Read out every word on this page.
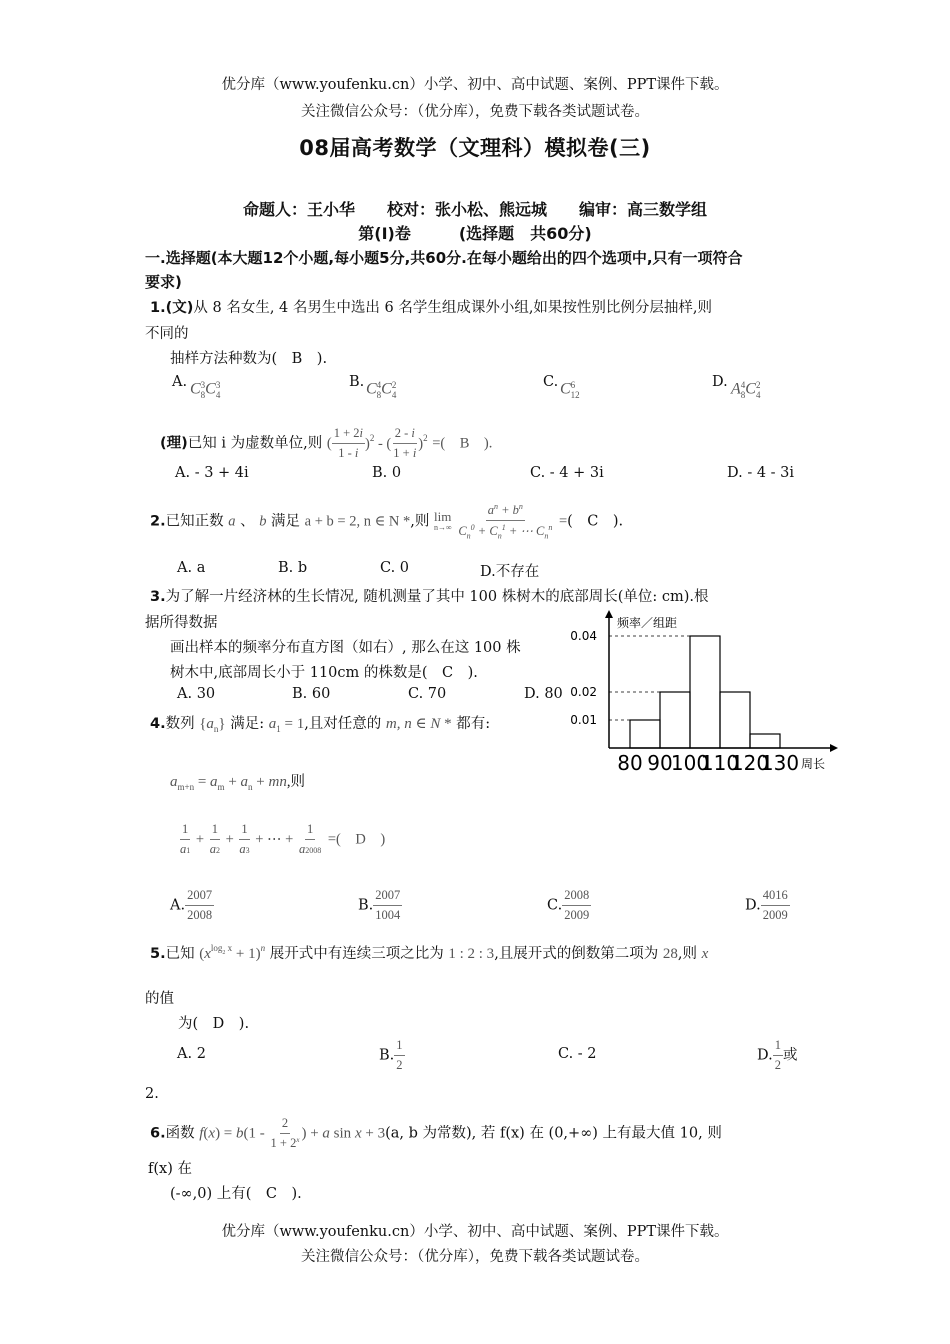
优分库（www.youfenku.cn）小学、初中、高中试题、案例、PPT课件下载。
关注微信公众号：（优分库），免费下载各类试题试卷。
08届高考数学（文理科）模拟卷(三)
命题人：王小华　　校对：张小松、熊远城　　编审：高三数学组
第(Ⅰ)卷　　　(选择题　共60分)
一.选择题(本大题12个小题,每小题5分,共60分.在每小题给出的四个选项中,只有一项符合
要求)
1.(文)从 8 名女生, 4 名男生中选出 6 名学生组成课外小组,如果按性别比例分层抽样,则
不同的
抽样方法种数为(　B　).
A. C 3
8 C 3
4
B. C 4
8 C 2
4
C. C 6
12
D. A 4
8 C 2
4
(理)已知 i 为虚数单位,则 ( $\frac{1 + 2i}{1 - i} )^2$ - ( $\frac{2 - i}{1 + i} )^2$ =(　B　).
A. - 3 + 4i	B. 0	C. - 4 + 3i	D. - 4 - 3i
2.已知正数 a 、 b 满足 a + b = 2, n ∈ N *,则 lim
n→∞
$\frac{a^n + b^n}{C_n^0 + C_n^1 + \cdots C_n^n}$ =(　C　).
A. a	B. b	C. 0	D.不存在
3.为了解一片经济林的生长情况, 随机测量了其中 100 株树木的底部周长(单位: cm).根
据所得数据
画出样本的频率分布直方图（如右）, 那么在这 100 株
树木中,底部周长小于 110cm 的株数是(　C　).
A. 30	B. 60	C. 70	D. 80
频率／组距
周长
0.04
0.02
0.01
80 90
100
110
120
130
4.数列 $\{a_n\}$ 满足: $a_1 = 1$,且对任意的 m, n ∈ N * 都有:
$a_{m+n} = a_m + a_n$ + mn,则
$\frac{1}{a1} + \frac{1}{a2} + \frac{1}{a3}$ + ⋯ + $\frac{1}{a2008}$ =(　D　)
A. $\frac{2007}{2008}$	B. $\frac{2007}{1004}$	C. $\frac{2008}{2009}$	D. $\frac{4016}{2009}$
5.已知 $(x^{log_2 x} + 1)^n$ 展开式中有连续三项之比为 1 : 2 : 3,且展开式的倒数第二项为 28,则 x
的值
为(　D　).
A. 2	B. $\frac{1}{2}$	C. - 2	D. $\frac{1}{2}$ 或
2.
6.函数 $f(x) = b(1 - \frac{2}{1 + 2^x}$ ) + a sin x + 3(a, b 为常数), 若 f(x) 在 (0,+∞) 上有最大值 10, 则
f(x) 在
(-∞,0) 上有(　C　).
优分库（www.youfenku.cn）小学、初中、高中试题、案例、PPT课件下载。
关注微信公众号：（优分库），免费下载各类试题试卷。
